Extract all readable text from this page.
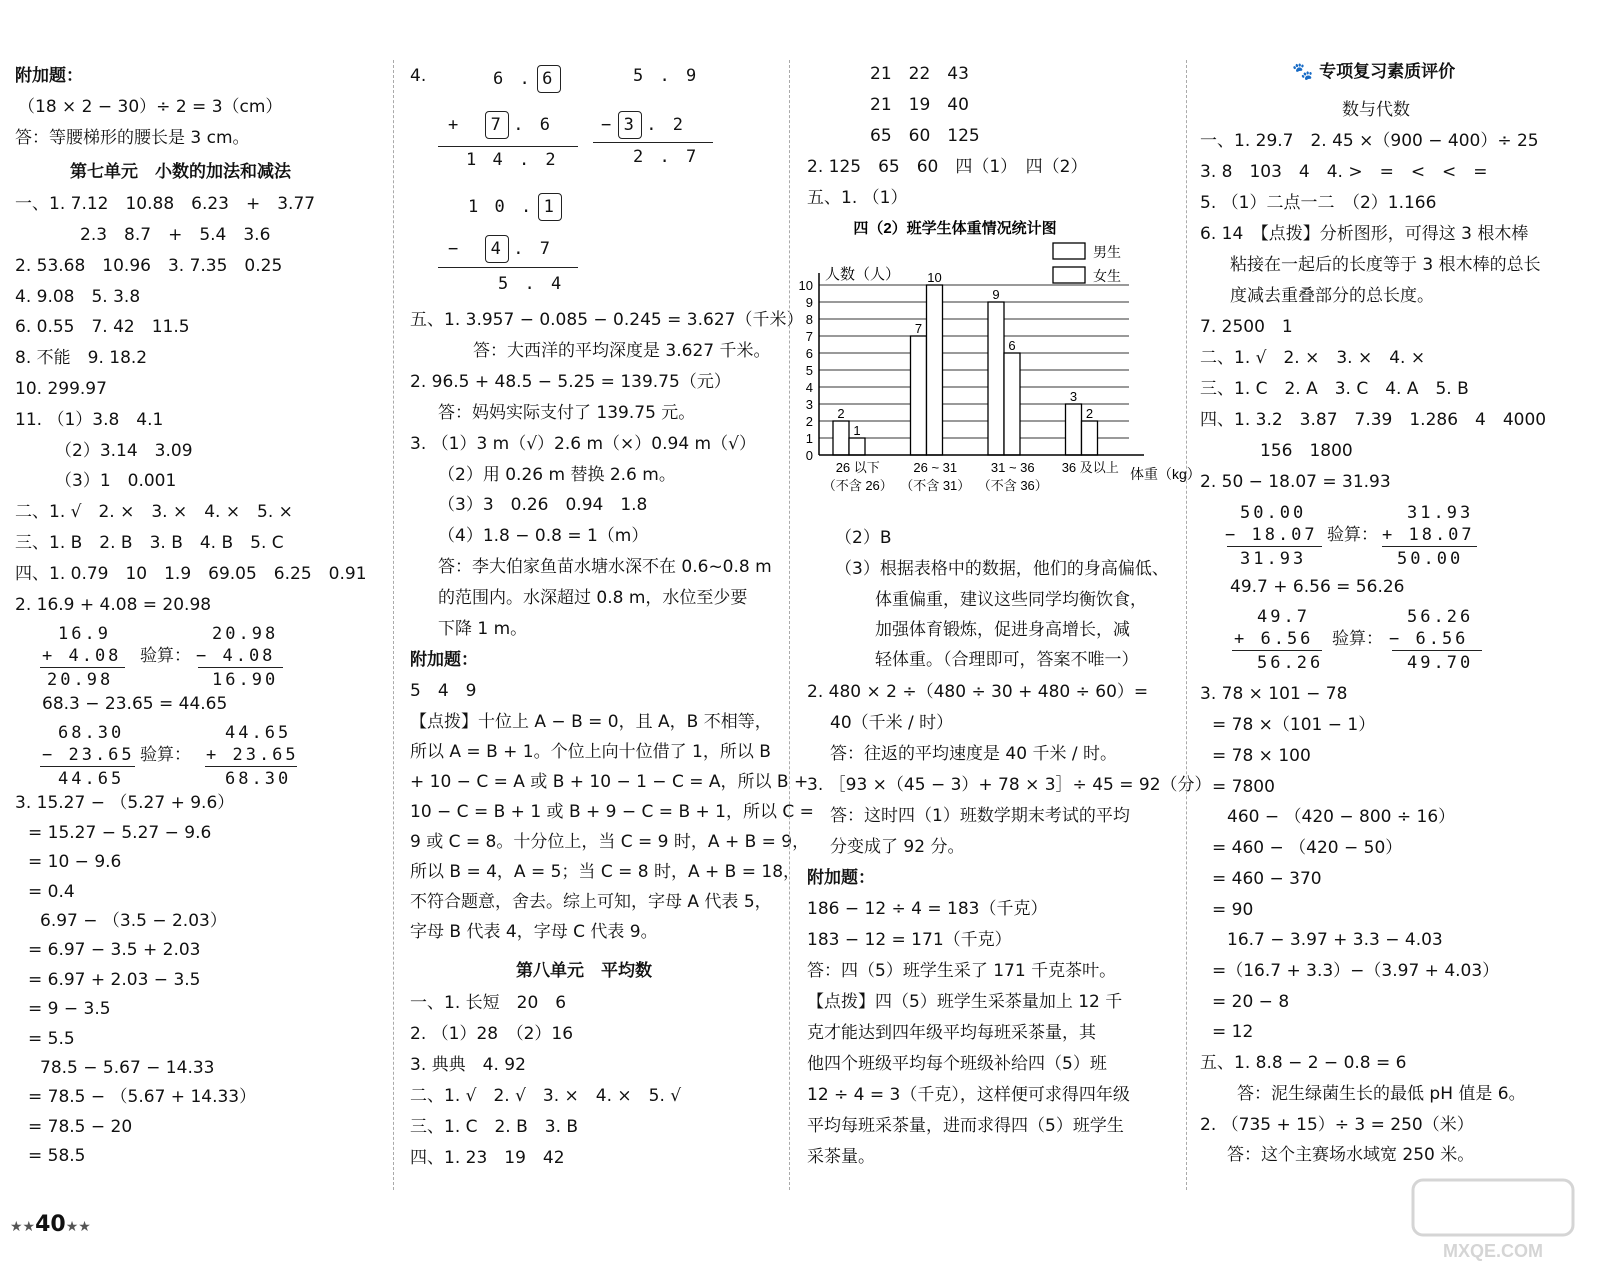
附加题：
（18 × 2 − 30）÷ 2 = 3（cm）
答：等腰梯形的腰长是 3 cm。
第七单元　小数的加法和减法
一、1. 7.12　10.88　6.23　+　3.77
2.3　8.7　+　5.4　3.6
2. 53.68　10.96　3. 7.35　0.25
4. 9.08　5. 3.8
6. 0.55　7. 42　11.5
8. 不能　9. 18.2
10. 299.97
11. （1）3.8　4.1
（2）3.14　3.09
（3）1　0.001
二、1. √　2. ×　3. ×　4. ×　5. ×
三、1. B　2. B　3. B　4. B　5. C
四、1. 0.79　10　1.9　69.05　6.25　0.91
2. 16.9 + 4.08 = 20.98
16.9
+ 4.08
20.98
验算：
20.98
− 4.08
16.90
68.3 − 23.65 = 44.65
68.30
− 23.65
44.65
验算：
44.65
+ 23.65
68.30
3. 15.27 − （5.27 + 9.6）
= 15.27 − 5.27 − 9.6
= 10 − 9.6
= 0.4
6.97 − （3.5 − 2.03）
= 6.97 − 3.5 + 2.03
= 6.97 + 2.03 − 3.5
= 9 − 3.5
= 5.5
78.5 − 5.67 − 14.33
= 78.5 − （5.67 + 14.33）
= 78.5 − 20
= 58.5
4.	6 . 6
+　 7 . 6
1 4 . 2
5 . 9
− 3 . 2
2 . 7
1 0 . 1
−　 4 . 7
5 . 4
五、1. 3.957 − 0.085 − 0.245 = 3.627（千米）
答：大西洋的平均深度是 3.627 千米。
2. 96.5 + 48.5 − 5.25 = 139.75（元）
答：妈妈实际支付了 139.75 元。
3. （1）3 m（√）2.6 m（×）0.94 m（√）
（2）用 0.26 m 替换 2.6 m。
（3）3　0.26　0.94　1.8
（4）1.8 − 0.8 = 1（m）
答：李大伯家鱼苗水塘水深不在 0.6~0.8 m
的范围内。水深超过 0.8 m，水位至少要
下降 1 m。
附加题：
5　4　9
【点拨】十位上 A − B = 0，且 A，B 不相等，
所以 A = B + 1。个位上向十位借了 1，所以 B
+ 10 − C = A 或 B + 10 − 1 − C = A，所以 B +
10 − C = B + 1 或 B + 9 − C = B + 1，所以 C =
9 或 C = 8。十分位上，当 C = 9 时，A + B = 9，
所以 B = 4，A = 5；当 C = 8 时，A + B = 18，
不符合题意，舍去。综上可知，字母 A 代表 5，
字母 B 代表 4，字母 C 代表 9。
第八单元　平均数
一、1. 长短　20　6
2. （1）28　（2）16
3. 典典　4. 92
二、1. √　2. √　3. ×　4. ×　5. √
三、1. C　2. B　3. B
四、1. 23　19　42
21　22　43
21　19　40
65　60　125
2. 125　65　60　四（1）　四（2）
五、1. （1）
四（2）班学生体重情况统计图
人数（人）
体重（kg）
男生
女生
2
1
7
10
9
6
3
2
0
1
2
3
4
5
6
7
8
9
10
26 以下
（不含 26）
26 ~ 31
（不含 31）
31 ~ 36
（不含 36）
36 及以上
（2）B
（3）根据表格中的数据，他们的身高偏低、
体重偏重，建议这些同学均衡饮食，
加强体育锻炼，促进身高增长，减
轻体重。（合理即可，答案不唯一）
2. 480 × 2 ÷（480 ÷ 30 + 480 ÷ 60）=
40（千米 / 时）
答：往返的平均速度是 40 千米 / 时。
3. ［93 ×（45 − 3）+ 78 × 3］÷ 45 = 92（分）
答：这时四（1）班数学期末考试的平均
分变成了 92 分。
附加题：
186 − 12 ÷ 4 = 183（千克）
183 − 12 = 171（千克）
答：四（5）班学生采了 171 千克茶叶。
【点拨】四（5）班学生采茶量加上 12 千
克才能达到四年级平均每班采茶量，其
他四个班级平均每个班级补给四（5）班
12 ÷ 4 = 3（千克），这样便可求得四年级
平均每班采茶量，进而求得四（5）班学生
采茶量。
🐾 专项复习素质评价
数与代数
一、1. 29.7　2. 45 ×（900 − 400）÷ 25
3. 8　103　4　4. >　=　<　<　=
5. （1）二点一二　（2）1.166
6. 14　【点拨】分析图形，可得这 3 根木棒
粘接在一起后的长度等于 3 根木棒的总长
度减去重叠部分的总长度。
7. 2500　1
二、1. √　2. ×　3. ×　4. ×
三、1. C　2. A　3. C　4. A　5. B
四、1. 3.2　3.87　7.39　1.286　4　4000
156　1800
2. 50 − 18.07 = 31.93
50.00
− 18.07
31.93
验算：
31.93
+ 18.07
50.00
49.7 + 6.56 = 56.26
49.7
+ 6.56
56.26
验算：
56.26
− 6.56
49.70
3. 78 × 101 − 78
= 78 ×（101 − 1）
= 78 × 100
= 7800
460 − （420 − 800 ÷ 16）
= 460 − （420 − 50）
= 460 − 370
= 90
16.7 − 3.97 + 3.3 − 4.03
=（16.7 + 3.3）−（3.97 + 4.03）
= 20 − 8
= 12
五、1. 8.8 − 2 − 0.8 = 6
答：泥生绿菌生长的最低 pH 值是 6。
2. （735 + 15）÷ 3 = 250（米）
答：这个主赛场水域宽 250 米。
★★40★★
MXQE.COM
